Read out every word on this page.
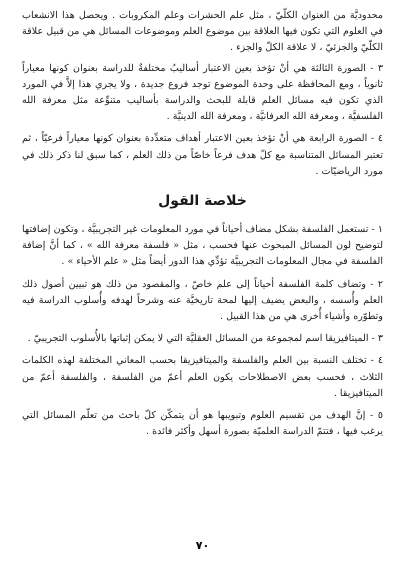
محدوديَّة من العنوان الكلّيّ ، مثل علم الحشرات وعلم المكروبات . ويحصل هذا الانشعاب في العلوم التي تكون فيها العلاقة بين موضوع العلم وموضوعات المسائل هي من قبيل علاقة الكلّيّ والجزئيّ ، لا علاقة الكلّ والجزء .

٣ - الصورة الثالثة هي أنْ تؤخذ بعين الاعتبار أساليبُ مختلفةٌ للدراسة بعنوان كونها معياراً ثانوياً ، ومع المحافظة على وحدة الموضوع توجد فروع جديدة ، ولا يجري هذا إلاَّ في المورد الذي تكون فيه مسائل العلم قابلة للبحث والدراسة بأساليب متنوِّعة مثل معرفة الله الفلسفيَّة ، ومعرفة الله العرفانيَّة ، ومعرفة الله الدينيَّة .

٤ - الصورة الرابعة هي أنْ تؤخذ بعين الاعتبار أهداف متعدِّدة بعنوان كونها معياراً فرعيّاً ، ثم تعتبر المسائل المتناسبة مع كلّ هدف فرعاً خاصّاً من ذلك العلم ، كما سبق لنا ذكر ذلك في مورد الرياضيّات .

خلاصة القول

١ - تستعمل الفلسفة بشكل مضاف أحياناً في مورد المعلومات غير التجريبيَّة ، وتكون إضافتها لتوضيح لون المسائل المبحوث عنها فحسب ، مثل « فلسفة معرفة الله » ، كما أنَّ إضافة الفلسفة في مجال المعلومات التجريبيَّة تؤدِّي هذا الدور أيضاً مثل « علم الأحياء » .

٢ - وتضاف كلمة الفلسفة أحياناً إلى علم خاصّ ، والمقصود من ذلك هو تبيين أصول ذلك العلم وأُسسه ، والبعض يضيف إليها لمحة تاريخيَّة عنه وشرحاً لهدفه وأُسلوب الدراسة فيه وتطوّره وأشياء أُخرى هي من هذا القبيل .

٣ - الميتافيزيقا اسم لمجموعة من المسائل العقليَّة التي لا يمكن إثباتها بالأُسلوب التجريبيّ .

٤ - تختلف النسبة بين العلم والفلسفة والميتافيزيقا بحسب المعاني المختلفة لهذه الكلمات الثلاث ، فحسب بعض الاصطلاحات يكون العلم أعمّ من الفلسفة ، والفلسفة أعمّ من الميتافيزيقا .

٥ - إنَّ الهدف من تقسيم العلوم وتبويبها هو أن يتمكّن كلّ باحث من تعلّم المسائل التي يرغب فيها ، فتتمّ الدراسة العلميّة بصورة أسهل وأكثر فائدة .

٧٠
